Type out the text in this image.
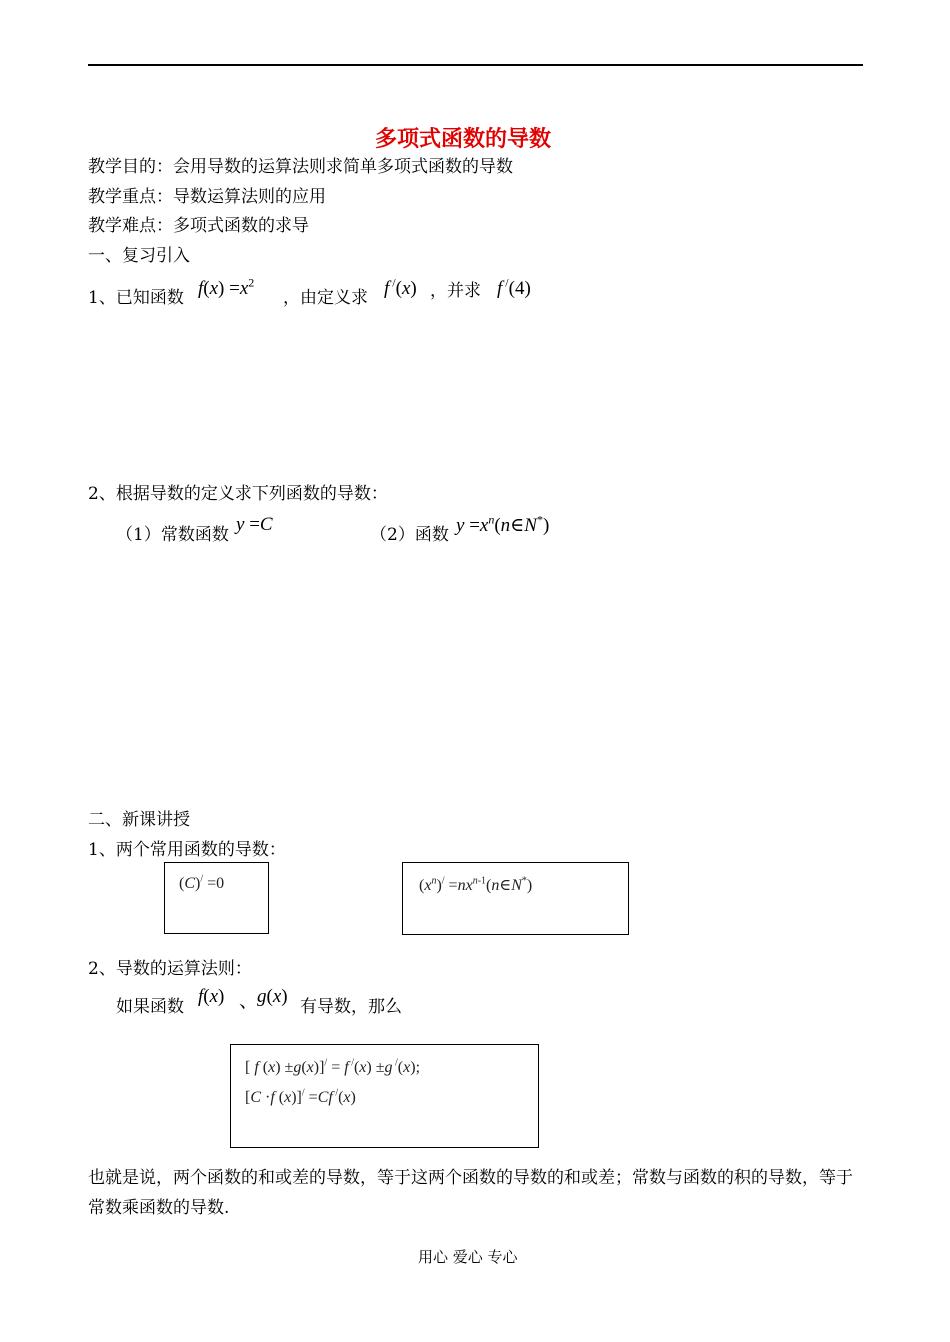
多项式函数的导数
教学目的：会用导数的运算法则求简单多项式函数的导数
教学重点：导数运算法则的应用
教学难点：多项式函数的求导
一、复习引入
1、已知函数 $f(x) =x^2$
，由定义求 f /(x) ，并求 f /(4)
2、根据导数的定义求下列函数的导数：
（1）常数函数 y =C	（2）函数 $y =x^n(n\in N^*)$
二、新课讲授
1、两个常用函数的导数：
(C)/ =0	$(x^n)^/$ $=nx^{n-1}(n\in N^*)$
2、导数的运算法则：
如果函数 f(x) 、
g(x) 有导数，那么
[ f (x) ±g(x)]/ = f /(x) ±g /(x);
[C ·f (x)]/ =Cf /(x)
也就是说，两个函数的和或差的导数，等于这两个函数的导数的和或差；常数与函数的积的导数，等于常数乘函数的导数.
用心 爱心 专心
